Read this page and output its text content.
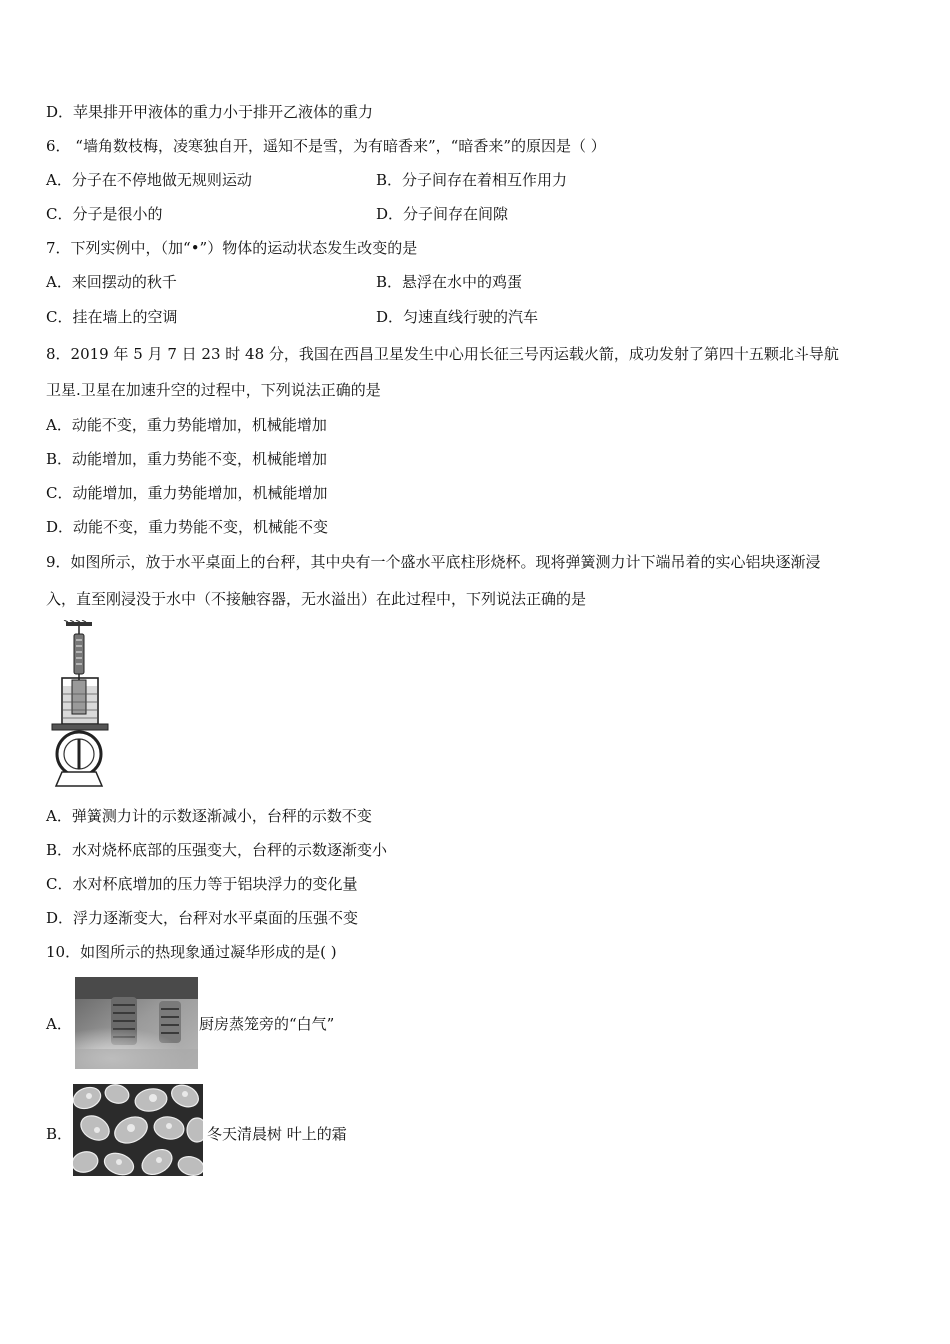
D．苹果排开甲液体的重力小于排开乙液体的重力
6． “墙角数枝梅，凌寒独自开，遥知不是雪，为有暗香来”，“暗香来”的原因是（ ）
A．分子在不停地做无规则运动	B．分子间存在着相互作用力
C．分子是很小的	D．分子间存在间隙
7．下列实例中，（加“•”）物体的运动状态发生改变的是
A．来回摆动的秋千	B．悬浮在水中的鸡蛋
C．挂在墙上的空调	D．匀速直线行驶的汽车
8．2019 年 5 月 7 日 23 时 48 分，我国在西昌卫星发生中心用长征三号丙运载火箭，成功发射了第四十五颗北斗导航
卫星.卫星在加速升空的过程中，下列说法正确的是
A．动能不变，重力势能增加，机械能增加
B．动能增加，重力势能不变，机械能增加
C．动能增加，重力势能增加，机械能增加
D．动能不变，重力势能不变，机械能不变
9．如图所示，放于水平桌面上的台秤，其中央有一个盛水平底柱形烧杯。现将弹簧测力计下端吊着的实心铝块逐渐浸
入，直至刚浸没于水中（不接触容器，无水溢出）在此过程中，下列说法正确的是
A．弹簧测力计的示数逐渐减小，台秤的示数不变
B．水对烧杯底部的压强变大，台秤的示数逐渐变小
C．水对杯底增加的压力等于铝块浮力的变化量
D．浮力逐渐变大，台秤对水平桌面的压强不变
10．如图所示的热现象通过凝华形成的是( )
A．	厨房蒸笼旁的“白气”
B．	冬天清晨树 叶上的霜
